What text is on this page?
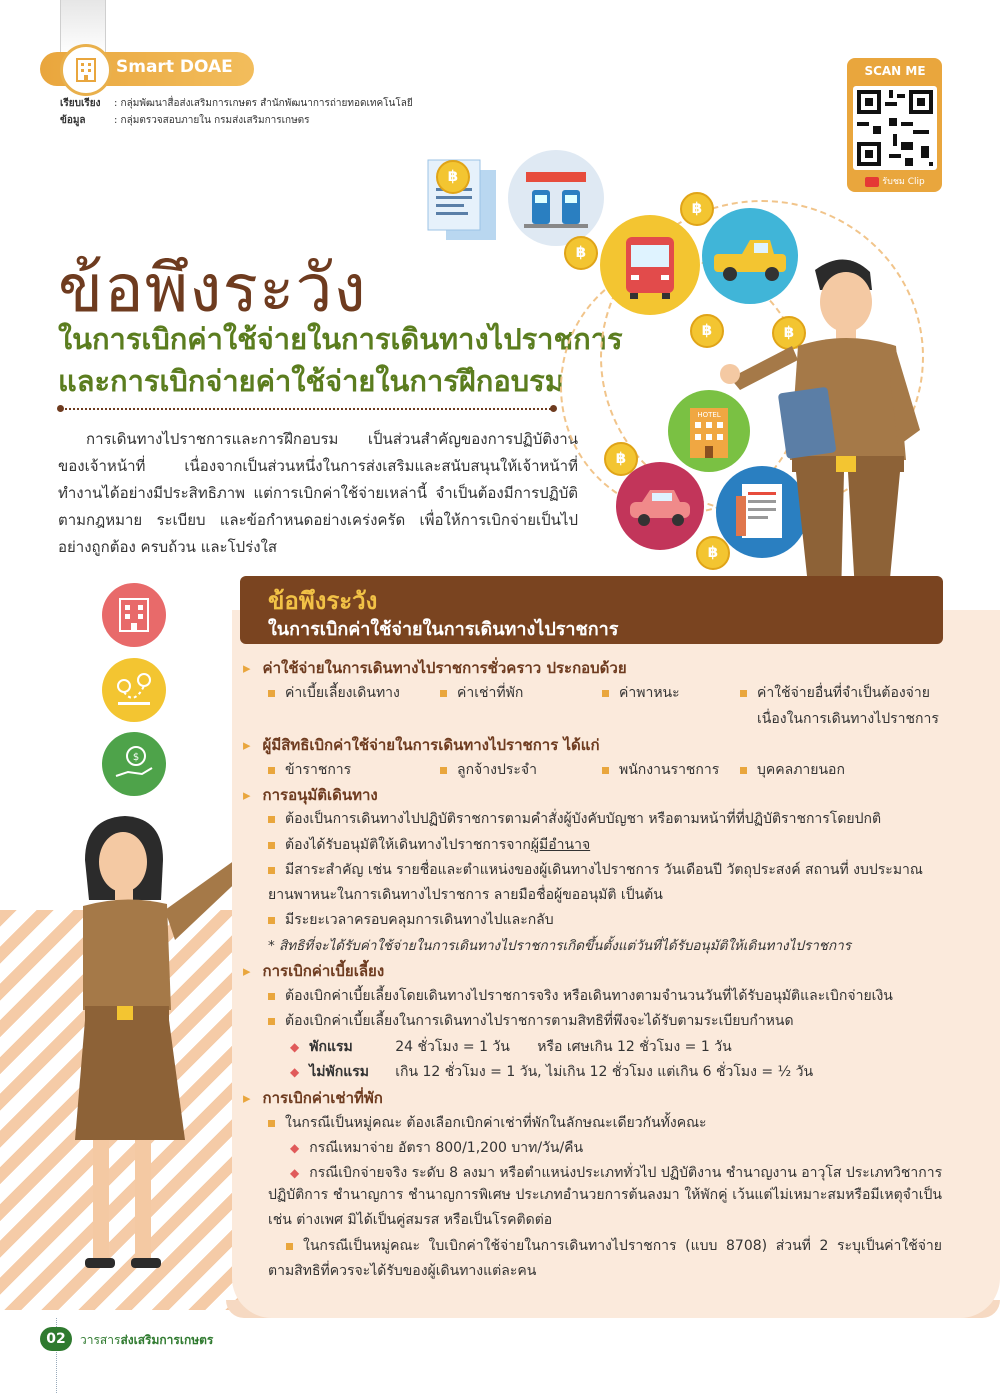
Smart DOAE
เรียบเรียง : กลุ่มพัฒนาสื่อส่งเสริมการเกษตร สำนักพัฒนาการถ่ายทอดเทคโนโลยี
ข้อมูล	: กลุ่มตรวจสอบภายใน กรมส่งเสริมการเกษตร
SCAN ME
รับชม Clip
ข้อพึงระวัง
ในการเบิกค่าใช้จ่ายในการเดินทางไปราชการ
และการเบิกจ่ายค่าใช้จ่ายในการฝึกอบรม
การเดินทางไปราชการและการฝึกอบรม เป็นส่วนสำคัญของการปฏิบัติงานของเจ้าหน้าที่ เนื่องจากเป็นส่วนหนึ่งในการส่งเสริมและสนับสนุนให้เจ้าหน้าที่ทำงานได้อย่างมีประสิทธิภาพ แต่การเบิกค่าใช้จ่ายเหล่านี้ จำเป็นต้องมีการปฏิบัติตามกฎหมาย ระเบียบ และข้อกำหนดอย่างเคร่งครัด เพื่อให้การเบิกจ่ายเป็นไปอย่างถูกต้อง ครบถ้วน และโปร่งใส
HOTEL
฿
฿
฿
฿
฿
฿
฿
$
ข้อพึงระวัง
ในการเบิกค่าใช้จ่ายในการเดินทางไปราชการ
▸ ค่าใช้จ่ายในการเดินทางไปราชการชั่วคราว ประกอบด้วย
ค่าเบี้ยเลี้ยงเดินทาง	ค่าเช่าที่พัก	ค่าพาหนะ	ค่าใช้จ่ายอื่นที่จำเป็นต้องจ่าย
เนื่องในการเดินทางไปราชการ
▸ ผู้มีสิทธิเบิกค่าใช้จ่ายในการเดินทางไปราชการ ได้แก่
ข้าราชการ	ลูกจ้างประจำ	พนักงานราชการ	บุคคลภายนอก
▸ การอนุมัติเดินทาง
ต้องเป็นการเดินทางไปปฏิบัติราชการตามคำสั่งผู้บังคับบัญชา หรือตามหน้าที่ที่ปฏิบัติราชการโดยปกติ
ต้องได้รับอนุมัติให้เดินทางไปราชการจากผู้มีอำนาจ
มีสาระสำคัญ เช่น รายชื่อและตำแหน่งของผู้เดินทางไปราชการ วันเดือนปี วัตถุประสงค์ สถานที่ งบประมาณ
ยานพาหนะในการเดินทางไปราชการ ลายมือชื่อผู้ขออนุมัติ เป็นต้น
มีระยะเวลาครอบคลุมการเดินทางไปและกลับ
* สิทธิที่จะได้รับค่าใช้จ่ายในการเดินทางไปราชการเกิดขึ้นตั้งแต่วันที่ได้รับอนุมัติให้เดินทางไปราชการ
▸ การเบิกค่าเบี้ยเลี้ยง
ต้องเบิกค่าเบี้ยเลี้ยงโดยเดินทางไปราชการจริง หรือเดินทางตามจำนวนวันที่ได้รับอนุมัติและเบิกจ่ายเงิน
ต้องเบิกค่าเบี้ยเลี้ยงในการเดินทางไปราชการตามสิทธิที่พึงจะได้รับตามระเบียบกำหนด
◆ พักแรม	24 ชั่วโมง = 1 วัน หรือ เศษเกิน 12 ชั่วโมง = 1 วัน
◆ ไม่พักแรม เกิน 12 ชั่วโมง = 1 วัน, ไม่เกิน 12 ชั่วโมง แต่เกิน 6 ชั่วโมง = ½ วัน
▸ การเบิกค่าเช่าที่พัก
ในกรณีเป็นหมู่คณะ ต้องเลือกเบิกค่าเช่าที่พักในลักษณะเดียวกันทั้งคณะ
◆ กรณีเหมาจ่าย อัตรา 800/1,200 บาท/วัน/คืน
◆ กรณีเบิกจ่ายจริง ระดับ 8 ลงมา หรือตำแหน่งประเภททั่วไป ปฏิบัติงาน ชำนาญงาน อาวุโส ประเภทวิชาการ
ปฏิบัติการ ชำนาญการ ชำนาญการพิเศษ ประเภทอำนวยการต้นลงมา ให้พักคู่ เว้นแต่ไม่เหมาะสมหรือมีเหตุจำเป็นเช่น ต่างเพศ มิได้เป็นคู่สมรส หรือเป็นโรคติดต่อ
ในกรณีเป็นหมู่คณะ ใบเบิกค่าใช้จ่ายในการเดินทางไปราชการ (แบบ 8708) ส่วนที่ 2 ระบุเป็นค่าใช้จ่ายตามสิทธิที่ควรจะได้รับของผู้เดินทางแต่ละคน
02	วารสารส่งเสริมการเกษตร
